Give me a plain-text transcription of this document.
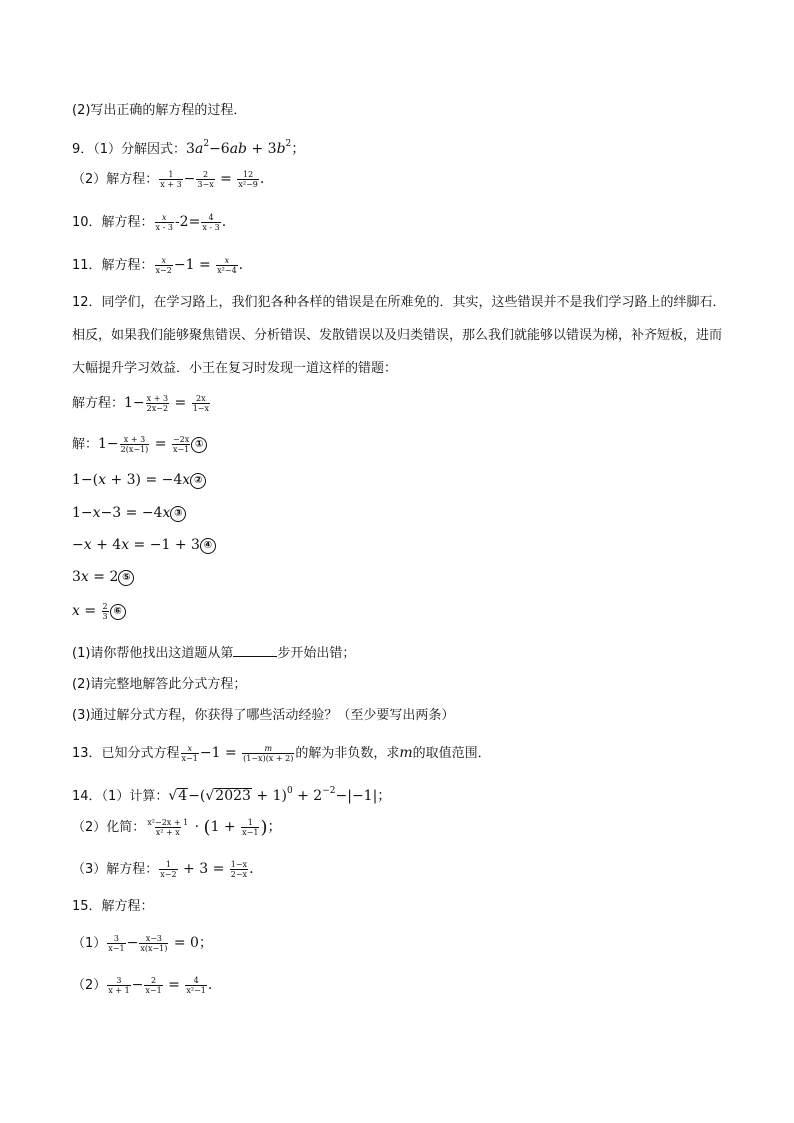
(2)写出正确的解方程的过程．
9．（1）分解因式：$3a^2-6ab + 3b^2$；
（2）解方程： $\frac{1}{x + 3} - \frac{2}{3-x} = \frac{12}{\text{x²−9}}$ .
10．解方程： $\frac{x}{x - 3} -2= \frac{4}{x - 3}$ .
11．解方程： $\frac{x}{x-2} -1 = \frac{x}{\text{x²−4}}$ .
12．同学们，在学习路上，我们犯各种各样的错误是在所难免的．其实，这些错误并不是我们学习路上的绊脚石．相反，如果我们能够聚焦错误、分析错误、发散错误以及归类错误，那么我们就能够以错误为梯，补齐短板，进而大幅提升学习效益．小王在复习时发现一道这样的错题：
解方程：$1- \frac{x + 3}{2x-2} = \frac{2x}{1-x}$
解：$1- \frac{x + 3}{2(x-1)} = \frac{-2x}{x-1}$ ①
1−(x + 3) = −4x ②
1−x−3 = −4x ③
−x + 4x = −1 + 3 ④
3x = 2 ⑤
$x = \frac{2}{3}$ ⑥
(1)请你帮他找出这道题从第	步开始出错；
(2)请完整地解答此分式方程；
(3)通过解分式方程，你获得了哪些活动经验？（至少要写出两条）
13．已知分式方程 $\frac{x}{x-1} -1 = \frac{m}{(1-x)(x + 2)}$ 的解为非负数，求m的取值范围．
14．（1）计算：$√4-(√2023 + 1)^0 + 2^{-2}-|-1|$；
（2）化简： $\frac{\text{x²−2x + 1}}{\text{x² + x}} \cdot (1 + \frac{1}{x-1}$ )；
（3）解方程： $\frac{1}{x-2} + 3 = \frac{1-x}{2-x}$ .
15．解方程：
$(1) \frac{3}{x-1} - \frac{x-3}{x(x-1)} = 0$；
$(2) \frac{3}{x + 1} - \frac{2}{x-1} = \frac{4}{\text{x²−1}}$ .
